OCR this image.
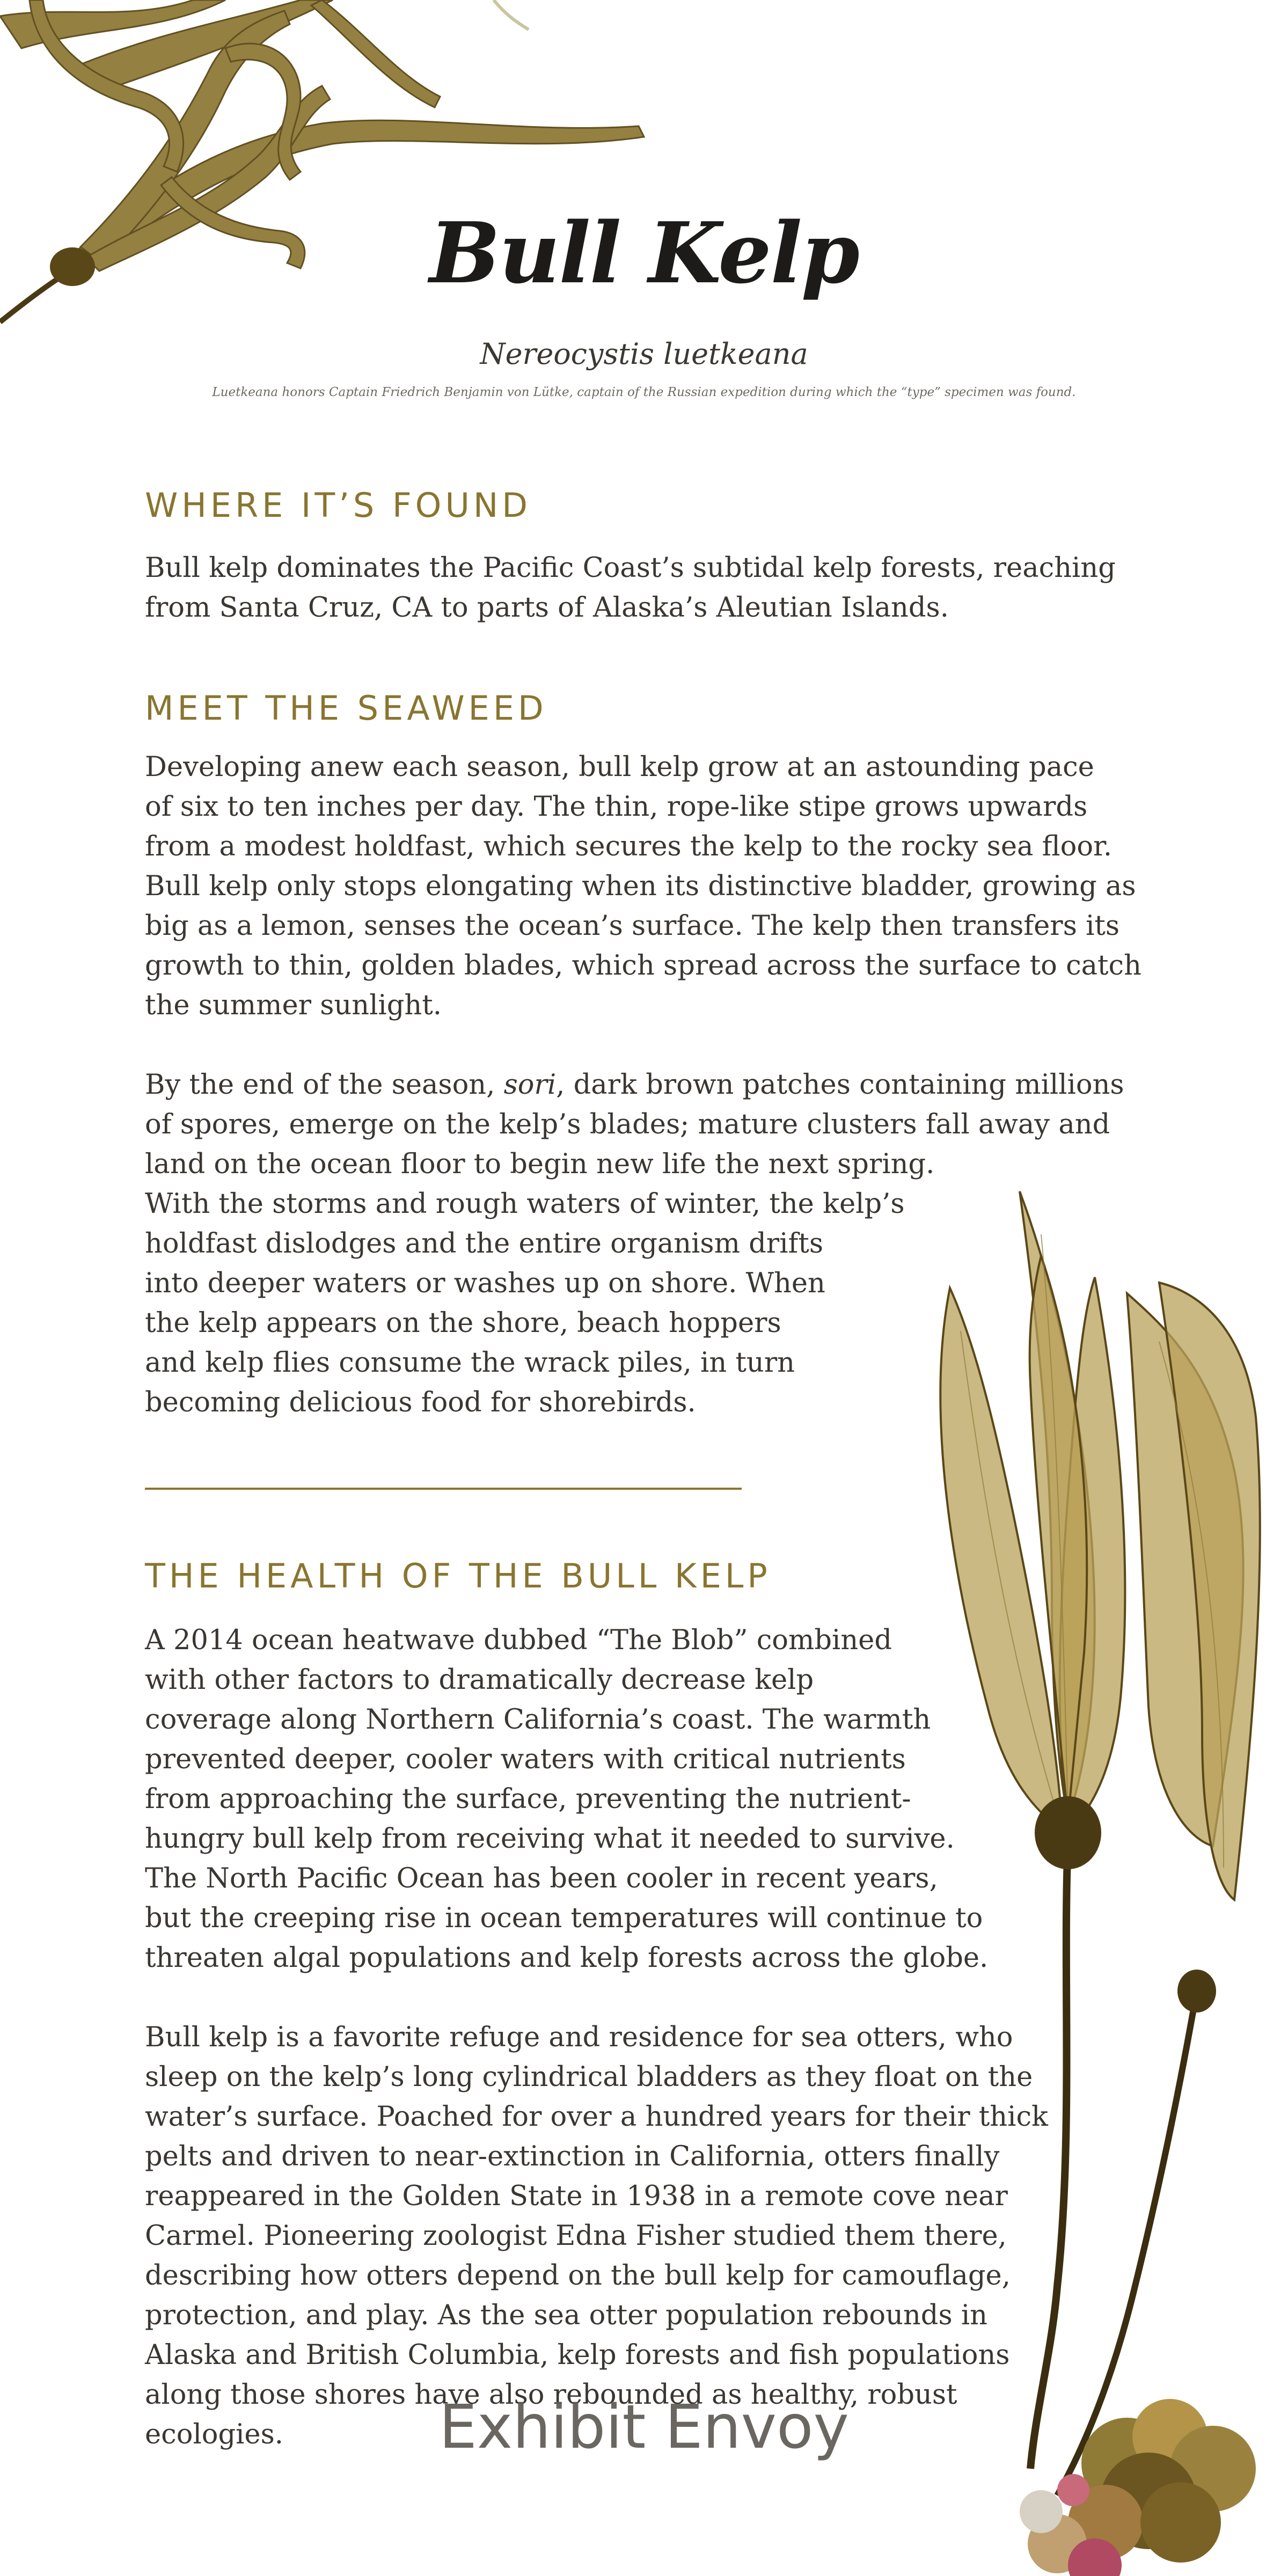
Bull Kelp
Nereocystis luetkeana
Luetkeana honors Captain Friedrich Benjamin von Lütke, captain of the Russian expedition during which the “type” specimen was found.
WHERE IT’S FOUND

Bull kelp dominates the Pacific Coast’s subtidal kelp forests, reaching
from Santa Cruz, CA to parts of Alaska’s Aleutian Islands.

MEET THE SEAWEED

Developing anew each season, bull kelp grow at an astounding pace
of six to ten inches per day. The thin, rope-like stipe grows upwards
from a modest holdfast, which secures the kelp to the rocky sea floor.
Bull kelp only stops elongating when its distinctive bladder, growing as
big as a lemon, senses the ocean’s surface. The kelp then transfers its
growth to thin, golden blades, which spread across the surface to catch
the summer sunlight.

By the end of the season, sori, dark brown patches containing millions
of spores, emerge on the kelp’s blades; mature clusters fall away and
land on the ocean floor to begin new life the next spring.
With the storms and rough waters of winter, the kelp’s
holdfast dislodges and the entire organism drifts
into deeper waters or washes up on shore. When
the kelp appears on the shore, beach hoppers
and kelp flies consume the wrack piles, in turn
becoming delicious food for shorebirds.

THE HEALTH OF THE BULL KELP

A 2014 ocean heatwave dubbed “The Blob” combined
with other factors to dramatically decrease kelp
coverage along Northern California’s coast. The warmth
prevented deeper, cooler waters with critical nutrients
from approaching the surface, preventing the nutrient-
hungry bull kelp from receiving what it needed to survive.
The North Pacific Ocean has been cooler in recent years,
but the creeping rise in ocean temperatures will continue to
threaten algal populations and kelp forests across the globe.

Bull kelp is a favorite refuge and residence for sea otters, who
sleep on the kelp’s long cylindrical bladders as they float on the
water’s surface. Poached for over a hundred years for their thick
pelts and driven to near-extinction in California, otters finally
reappeared in the Golden State in 1938 in a remote cove near
Carmel. Pioneering zoologist Edna Fisher studied them there,
describing how otters depend on the bull kelp for camouflage,
protection, and play. As the sea otter population rebounds in
Alaska and British Columbia, kelp forests and fish populations
along those shores have also rebounded as healthy, robust
ecologies.	Exhibit Envoy
